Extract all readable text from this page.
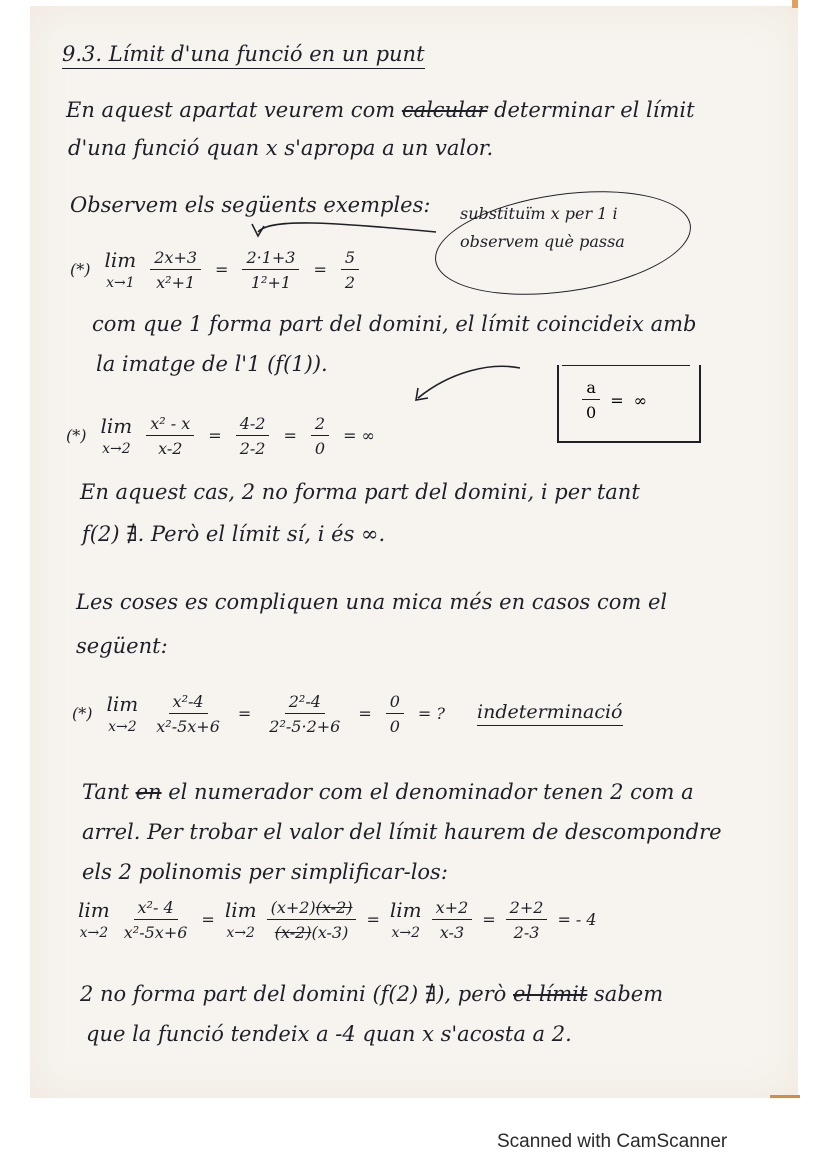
9.3. Límit d'una funció en un punt
En aquest apartat veurem com calcular determinar el límit
d'una funció quan x s'apropa a un valor.
Observem els següents exemples: substituïm x per 1 i
observem què passa
(*) lim
$x\to 1 \frac{2x+3}{\text{x²+1}} = \frac{2\cdot 1+3}{\text{1²+1}} = \frac{5}{2}$
com que 1 forma part del domini, el límit coincideix amb
la imatge de l'1 (f(1)).
$\frac{a}{0}$ = ∞
(*) lim
$x\to 2 \frac{\text{x² - x}}{x-2} = \frac{4-2}{2-2} = \frac{2}{0}$ = ∞
En aquest cas, 2 no forma part del domini, i per tant
f(2) ∄. Però el límit sí, i és ∞.
Les coses es compliquen una mica més en casos com el
següent:
(*) lim
$x\to 2 \frac{\text{x²-4}}{\text{x²-5x+6}} = \frac{\text{2²-4}}{\text{2²-5·2+6}} = \frac{0}{0}$ = ? indeterminació
Tant en el numerador com el denominador tenen 2 com a
arrel. Per trobar el valor del límit haurem de descompondre
els 2 polinomis per simplificar-los:
lim
$x\to 2 \frac{\text{x²- 4}}{\text{x²-5x+6}} = \lim$
$x\to 2 \frac{(x+2)(x-2)}{(x-2)(x-3)} = \lim$
$x\to 2 \frac{x+2}{x-3} = \frac{2+2}{2-3}$ = - 4
2 no forma part del domini (f(2) ∄), però el límit sabem
que la funció tendeix a -4 quan x s'acosta a 2.
Scanned with CamScanner
